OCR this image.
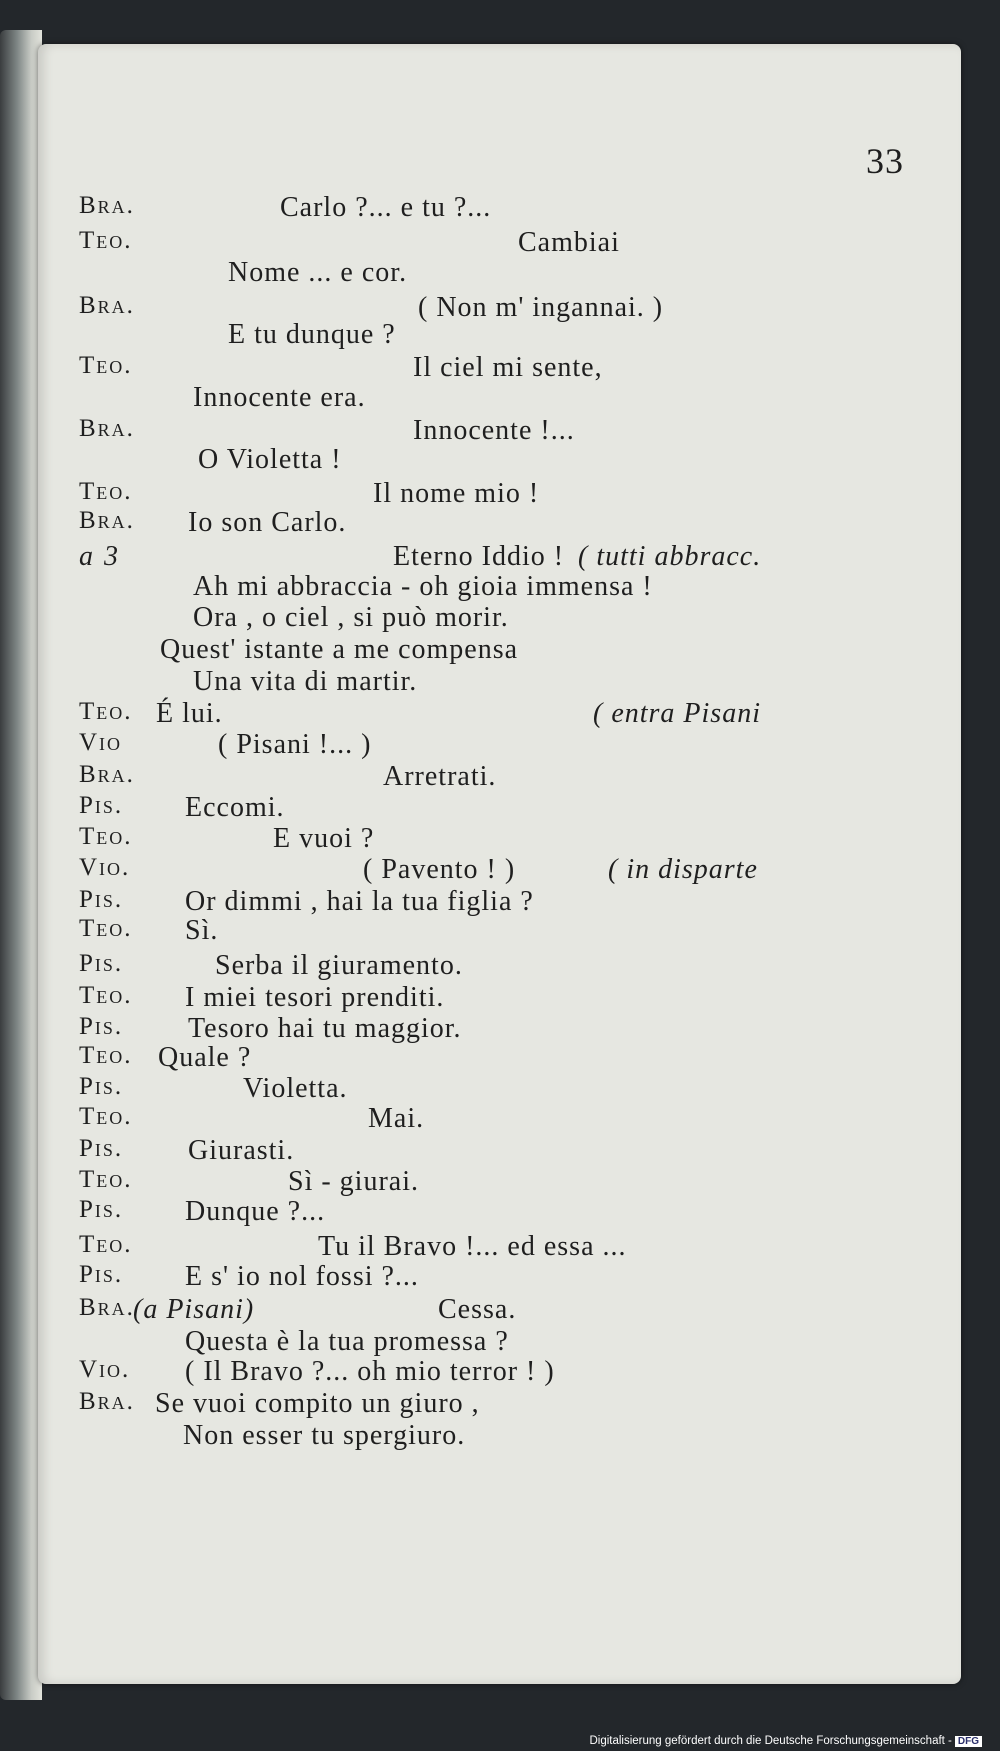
33
Bra.	Carlo ?... e tu ?...
Teo.	Cambiai
Nome ... e cor.
Bra.	( Non m' ingannai. )
E tu dunque ?
Teo.	Il ciel mi sente,
Innocente era.
Bra.	Innocente !...
O Violetta !
Teo.	Il nome mio !
Bra. Io son Carlo.
a 3	Eterno Iddio ! ( tutti abbracc.
Ah mi abbraccia - oh gioia immensa !
Ora , o ciel , si può morir.
Quest' istante a me compensa
Una vita di martir.
Teo. É lui.	( entra Pisani
Vio	( Pisani !... )
Bra.	Arretrati.
Pis. Eccomi.
Teo.	E vuoi ?
Vio.	( Pavento ! )	( in disparte
Pis. Or dimmi , hai la tua figlia ?
Teo. Sì.
Pis.	Serba il giuramento.
Teo. I miei tesori prenditi.
Pis. Tesoro hai tu maggior.
Teo. Quale ?
Pis.	Violetta.
Teo.	Mai.
Pis. Giurasti.
Teo.	Sì - giurai.
Pis. Dunque ?...
Teo.	Tu il Bravo !... ed essa ...
Pis. E s' io nol fossi ?...
Bra.	Cessa.
(a Pisani)
Questa è la tua promessa ?
Vio. ( Il Bravo ?... oh mio terror ! )
Bra. Se vuoi compito un giuro ,
Non esser tu spergiuro.
Digitalisierung gefördert durch die Deutsche Forschungsgemeinschaft - DFG
